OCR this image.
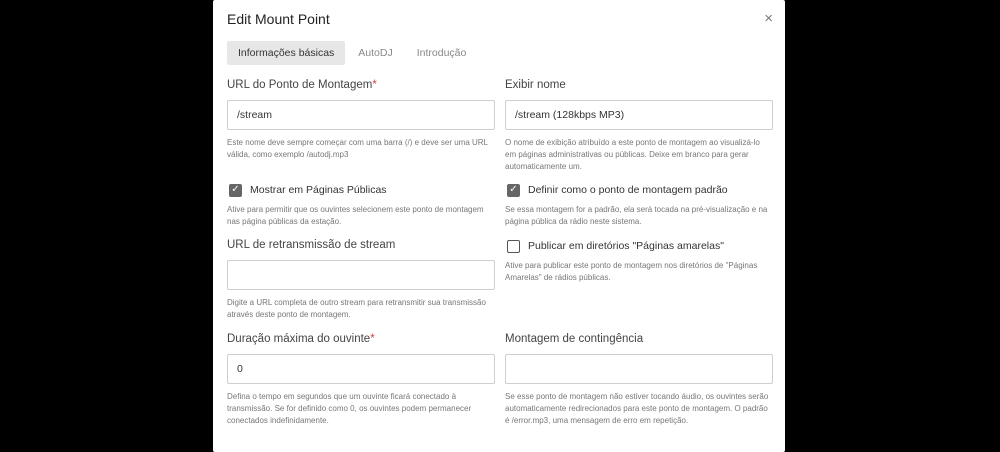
Edit Mount Point	×
Informações básicas	AutoDJ	Introdução
URL do Ponto de Montagem*
/stream
Este nome deve sempre começar com uma barra (/) e deve ser uma URL válida, como exemplo /autodj.mp3
✓ Mostrar em Páginas Públicas
Ative para permitir que os ouvintes selecionem este ponto de montagem nas página públicas da estação.
URL de retransmissão de stream
Digite a URL completa de outro stream para retransmitir sua transmissão através deste ponto de montagem.
Duração máxima do ouvinte*
0
Defina o tempo em segundos que um ouvinte ficará conectado à transmissão. Se for definido como 0, os ouvintes podem permanecer conectados indefinidamente.
Exibir nome
/stream (128kbps MP3)
O nome de exibição atribuído a este ponto de montagem ao visualizá-lo em páginas administrativas ou públicas. Deixe em branco para gerar automaticamente um.
✓ Definir como o ponto de montagem padrão
Se essa montagem for a padrão, ela será tocada na pré-visualização e na página pública da rádio neste sistema.
Publicar em diretórios "Páginas amarelas"
Ative para publicar este ponto de montagem nos diretórios de "Páginas Amarelas" de rádios públicas.
Montagem de contingência
Se esse ponto de montagem não estiver tocando áudio, os ouvintes serão automaticamente redirecionados para este ponto de montagem. O padrão é /error.mp3, uma mensagem de erro em repetição.
